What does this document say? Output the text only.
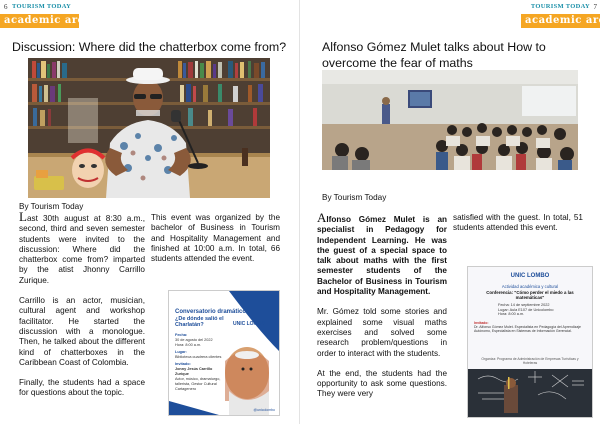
6 TOURISM TODAY
academic area
Discussion: Where did the chatterbox come from?
By Tourism Today

Last 30th august at 8:30 a.m., second, third and seven semester students were invited to the discussion: Where did the chatterbox come from? imparted by the atist Jhonny Carrillo Zurique.

Carrillo is an actor, musician, cultural agent and workshop facilitator. He started the discussion with a monologue. Then, he talked about the different kind of chatterboxes in the Caribbean Coast of Colombia.

Finally, the students had a space for questions about the topic.

This event was organized by the bachelor of Business in Tourism and Hospitality Management and finished at 10:00 a.m. In total, 66 students attended the event.

Conversatorio dramático:
¿De dónde salió el Charlatán?	UNIC LOMBO
Fecha:
30 de agosto del 2022
Hora: 8:00 a.m.
Lugar:
Biblioteca cuadrera clientes
Invitado:
Jonny Jesús Carrillo Zurique
Actor, músico, dramaturgo, tallerista, Gestor Cultural Cartagenero
@unicolombo
TOURISM TODAY 7
academic area
Alfonso Gómez Mulet talks about How to overcome the fear of maths
By Tourism Today

Alfonso Gómez Mulet is an specialist in Pedagogy for Independent Learning. He was the guest of a special space to talk about maths with the first semester students of the Bachelor of Business in Tourism and Hospitality Management.

Mr. Gómez told some stories and explained some visual maths exercises and solved some research problem/questions in order to interact with the students.

At the end, the students had the opportunity to ask some questions. They were very

satisfied with the guest. In total, 51 students attended this event.

UNIC LOMBO
Actividad académica y cultural
Conferencia: "Cómo perder el miedo a las matemáticas"
Fecha: 14 de septiembre 2022
Lugar: Aula E107 de Unicolombo
Hora: 8:00 a.m.
Invitado:
Dr. Alfonso Gómez Mulet. Especialista en Pedagogía del Aprendizaje Autónomo, Especialista en Sistemas de Información Gerencial.
Organiza: Programa de Administración de Empresas Turísticas y Hoteleras
